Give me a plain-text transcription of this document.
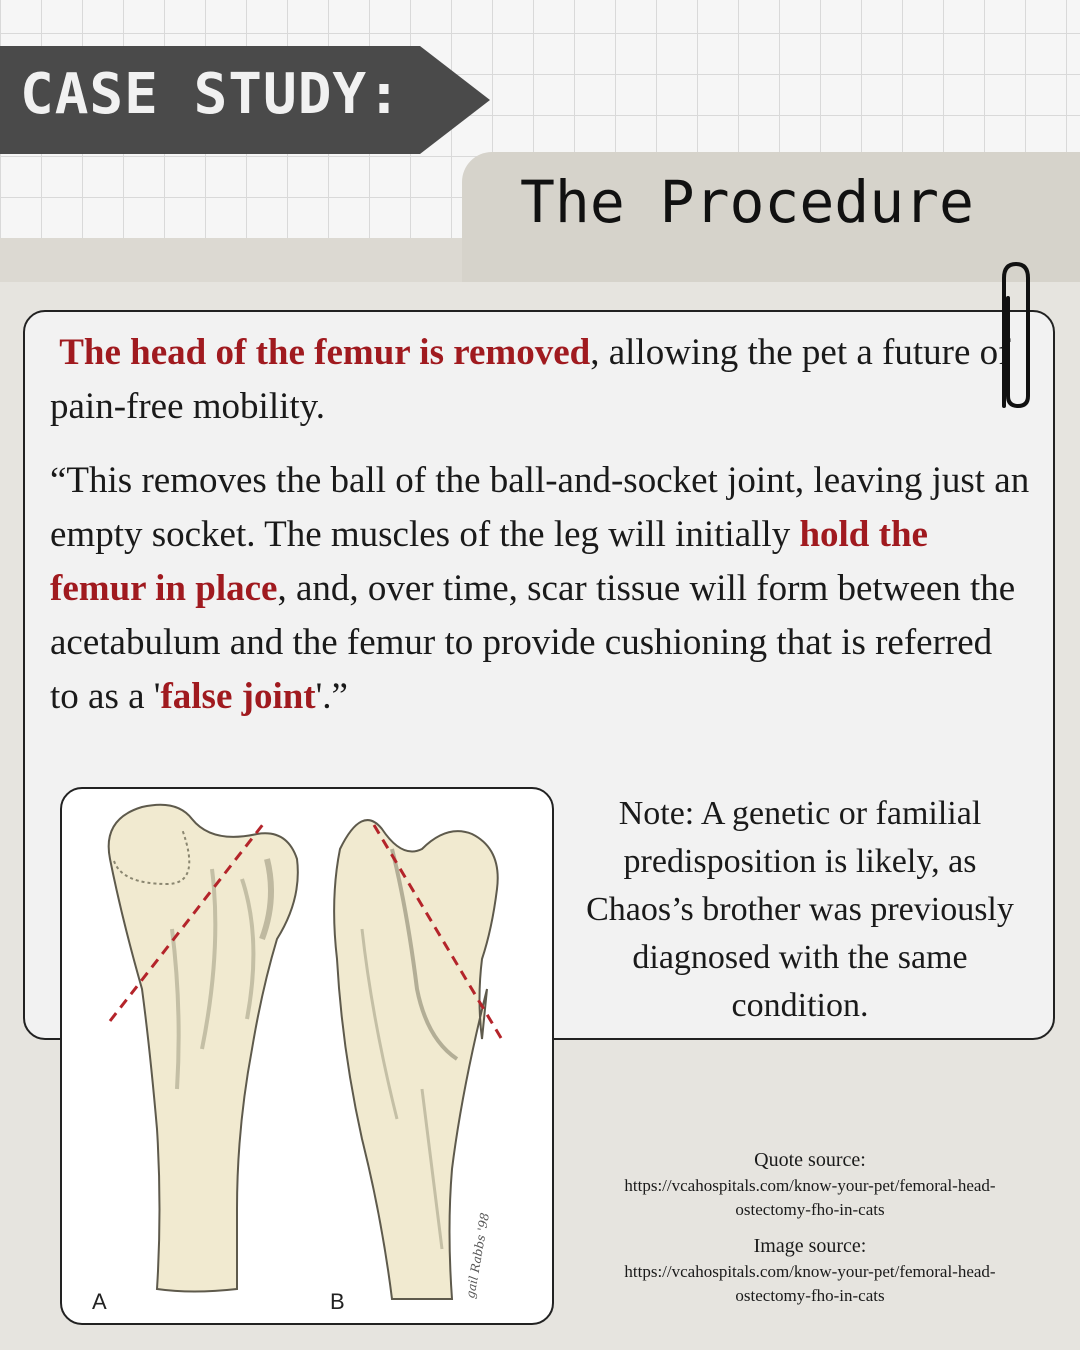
CASE STUDY:
The Procedure

The head of the femur is removed, allowing the pet a future of pain-free mobility.

“This removes the ball of the ball-and-socket joint, leaving just an empty socket. The muscles of the leg will initially hold the femur in place, and, over time, scar tissue will form between the acetabulum and the femur to provide cushioning that is referred to as a 'false joint'.”

A	B
gail Rabbs '98
Note: A genetic or familial predisposition is likely, as Chaos’s brother was previously diagnosed with the same condition.
Quote source:
https://vcahospitals.com/know-your-pet/femoral-head-ostectomy-fho-in-cats
Image source:
https://vcahospitals.com/know-your-pet/femoral-head-ostectomy-fho-in-cats
